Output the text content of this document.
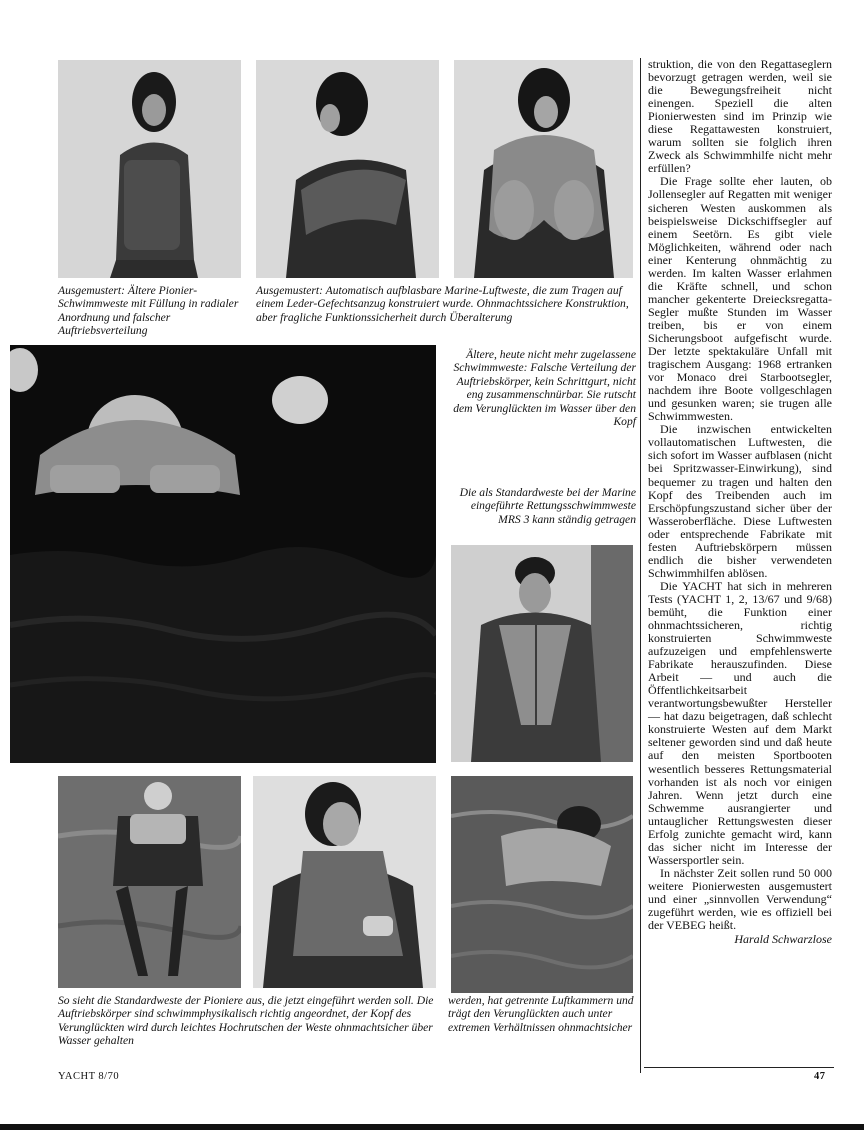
Ausgemustert: Ältere Pionier-Schwimmweste mit Füllung in radialer Anordnung und falscher Auftriebsverteilung

Ausgemustert: Automatisch aufblasbare Marine-Luftweste, die zum Tragen auf einem Leder-Gefechtsanzug konstruiert wurde. Ohnmachtssichere Konstruktion, aber fragliche Funktionssicherheit durch Überalterung

Ältere, heute nicht mehr zugelassene Schwimmweste: Falsche Verteilung der Auftriebskörper, kein Schrittgurt, nicht eng zusammenschnürbar. Sie rutscht dem Verunglückten im Wasser über den Kopf

Die als Standardweste bei der Marine eingeführte Rettungsschwimmweste MRS 3 kann ständig getragen

So sieht die Standardweste der Pioniere aus, die jetzt eingeführt werden soll. Die Auftriebskörper sind schwimmphysikalisch richtig angeordnet, der Kopf des Verunglückten wird durch leichtes Hochrutschen der Weste ohnmachtsicher über Wasser gehalten

werden, hat getrennte Luftkammern und trägt den Verunglückten auch unter extremen Verhältnissen ohnmachtsicher

struktion, die von den Regattaseglern bevorzugt getragen werden, weil sie die Bewegungsfreiheit nicht einengen. Speziell die alten Pionierwesten sind im Prinzip wie diese Regattawesten konstruiert, warum sollten sie folglich ihren Zweck als Schwimmhilfe nicht mehr erfüllen?

Die Frage sollte eher lauten, ob Jollensegler auf Regatten mit weniger sicheren Westen auskommen als beispielsweise Dickschiffsegler auf einem Seetörn. Es gibt viele Möglichkeiten, während oder nach einer Kenterung ohnmächtig zu werden. Im kalten Wasser erlahmen die Kräfte schnell, und schon mancher gekenterte Dreiecksregatta-Segler mußte Stunden im Wasser treiben, bis er von einem Sicherungsboot aufgefischt wurde. Der letzte spektakuläre Unfall mit tragischem Ausgang: 1968 ertranken vor Monaco drei Starbootsegler, nachdem ihre Boote vollgeschlagen und gesunken waren; sie trugen alle Schwimmwesten.

Die inzwischen entwickelten vollautomatischen Luftwesten, die sich sofort im Wasser aufblasen (nicht bei Spritzwasser-Einwirkung), sind bequemer zu tragen und halten den Kopf des Treibenden auch im Erschöpfungszustand sicher über der Wasseroberfläche. Diese Luftwesten oder entsprechende Fabrikate mit festen Auftriebskörpern müssen endlich die bisher verwendeten Schwimmhilfen ablösen.

Die YACHT hat sich in mehreren Tests (YACHT 1, 2, 13/67 und 9/68) bemüht, die Funktion einer ohnmachtssicheren, richtig konstruierten Schwimmweste aufzuzeigen und empfehlenswerte Fabrikate herauszufinden. Diese Arbeit — und auch die Öffentlichkeitsarbeit verantwortungsbewußter Hersteller — hat dazu beigetragen, daß schlecht konstruierte Westen auf dem Markt seltener geworden sind und daß heute auf den meisten Sportbooten wesentlich besseres Rettungsmaterial vorhanden ist als noch vor einigen Jahren. Wenn jetzt durch eine Schwemme ausrangierter und untauglicher Rettungswesten dieser Erfolg zunichte gemacht wird, kann das sicher nicht im Interesse der Wassersportler sein.

In nächster Zeit sollen rund 50 000 weitere Pionierwesten ausgemustert und einer „sinnvollen Verwendung“ zugeführt werden, wie es offiziell bei der VEBEG heißt.

Harald Schwarzlose
YACHT 8/70	47
